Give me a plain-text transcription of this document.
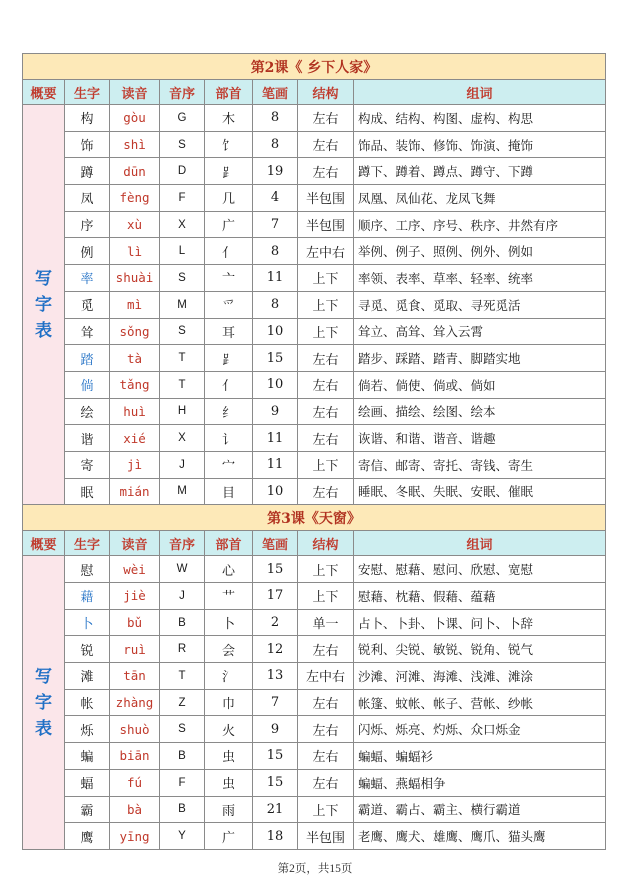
第2课《 乡下人家》							
概要	生字	读音	音序	部首	笔画	结构	组词

写
字
表	构	gòu	G	木	8	左右	构成、结构、构图、虚构、构思
	饰	shì	S	饣	8	左右	饰品、装饰、修饰、饰演、掩饰
	蹲	dūn	D	⻊	19	左右	蹲下、蹲着、蹲点、蹲守、下蹲
	凤	fèng	F	几	4	半包围	凤凰、凤仙花、龙凤飞舞
	序	xù	X	广	7	半包围	顺序、工序、序号、秩序、井然有序
	例	lì	L	亻	8	左中右	举例、例子、照例、例外、例如
	率	shuài	S	亠	11	上下	率领、表率、草率、轻率、统率
	觅	mì	M	爫	8	上下	寻觅、觅食、觅取、寻死觅活
	耸	sǒng	S	耳	10	上下	耸立、高耸、耸入云霄
	踏	tà	T	⻊	15	左右	踏步、踩踏、踏青、脚踏实地
	倘	tǎng	T	亻	10	左右	倘若、倘使、倘或、倘如
	绘	huì	H	纟	9	左右	绘画、描绘、绘图、绘本
	谐	xié	X	讠	11	左右	诙谐、和谐、谐音、谐趣
	寄	jì	J	宀	11	上下	寄信、邮寄、寄托、寄钱、寄生
	眠	mián	M	目	10	左右	睡眠、冬眠、失眠、安眠、催眠
第3课《天窗》							
概要	生字	读音	音序	部首	笔画	结构	组词

写
字
表	慰	wèi	W	心	15	上下	安慰、慰藉、慰问、欣慰、宽慰
	藉	jiè	J	艹	17	上下	慰藉、枕藉、假藉、蕴藉
	卜	bǔ	B	卜	2	单一	占卜、卜卦、卜课、问卜、卜辞
	锐	ruì	R	会	12	左右	锐利、尖锐、敏锐、锐角、锐气
	滩	tān	T	氵	13	左中右	沙滩、河滩、海滩、浅滩、滩涂
	帐	zhàng	Z	巾	7	左右	帐篷、蚊帐、帐子、营帐、纱帐
	烁	shuò	S	火	9	左右	闪烁、烁亮、灼烁、众口烁金
	蝙	biān	B	虫	15	左右	蝙蝠、蝙蝠衫
	蝠	fú	F	虫	15	左右	蝙蝠、燕蝠相争
	霸	bà	B	雨	21	上下	霸道、霸占、霸主、横行霸道
	鹰	yīng	Y	广	18	半包围	老鹰、鹰犬、雄鹰、鹰爪、猫头鹰
第2页，共15页
